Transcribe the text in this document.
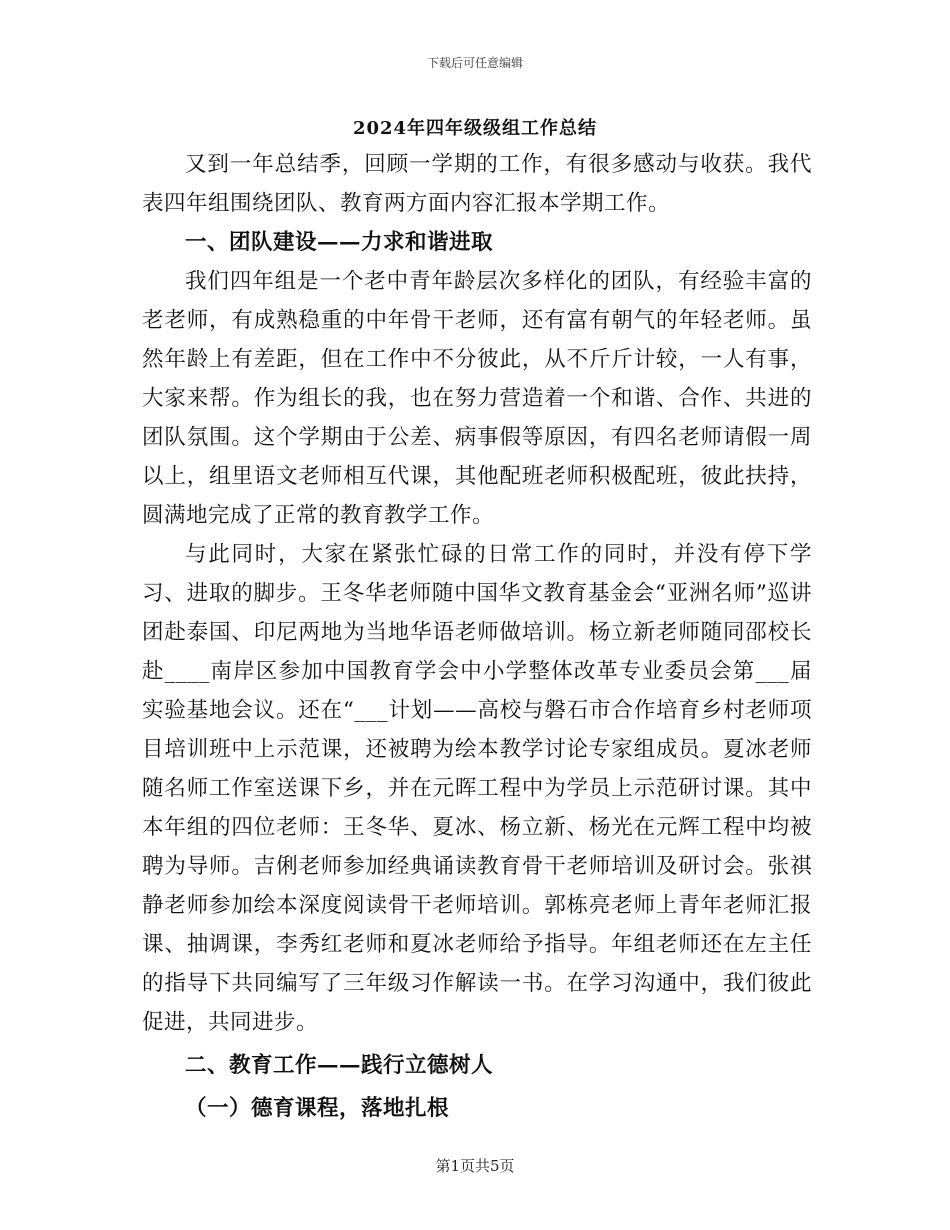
下载后可任意编辑
2024年四年级级组工作总结

又到一年总结季，回顾一学期的工作，有很多感动与收获。我代表四年组围绕团队、教育两方面内容汇报本学期工作。

一、团队建设——力求和谐进取

我们四年组是一个老中青年龄层次多样化的团队，有经验丰富的老老师，有成熟稳重的中年骨干老师，还有富有朝气的年轻老师。虽然年龄上有差距，但在工作中不分彼此，从不斤斤计较，一人有事，大家来帮。作为组长的我，也在努力营造着一个和谐、合作、共进的团队氛围。这个学期由于公差、病事假等原因，有四名老师请假一周以上，组里语文老师相互代课，其他配班老师积极配班，彼此扶持，圆满地完成了正常的教育教学工作。

与此同时，大家在紧张忙碌的日常工作的同时，并没有停下学习、进取的脚步。王冬华老师随中国华文教育基金会“亚洲名师”巡讲团赴泰国、印尼两地为当地华语老师做培训。杨立新老师随同邵校长赴____南岸区参加中国教育学会中小学整体改革专业委员会第___届实验基地会议。还在“___计划——高校与磐石市合作培育乡村老师项目培训班中上示范课，还被聘为绘本教学讨论专家组成员。夏冰老师随名师工作室送课下乡，并在元晖工程中为学员上示范研讨课。其中本年组的四位老师：王冬华、夏冰、杨立新、杨光在元辉工程中均被聘为导师。吉俐老师参加经典诵读教育骨干老师培训及研讨会。张祺静老师参加绘本深度阅读骨干老师培训。郭栋亮老师上青年老师汇报课、抽调课，李秀红老师和夏冰老师给予指导。年组老师还在左主任的指导下共同编写了三年级习作解读一书。在学习沟通中，我们彼此促进，共同进步。

二、教育工作——践行立德树人

（一）德育课程，落地扎根

第1页共5页
